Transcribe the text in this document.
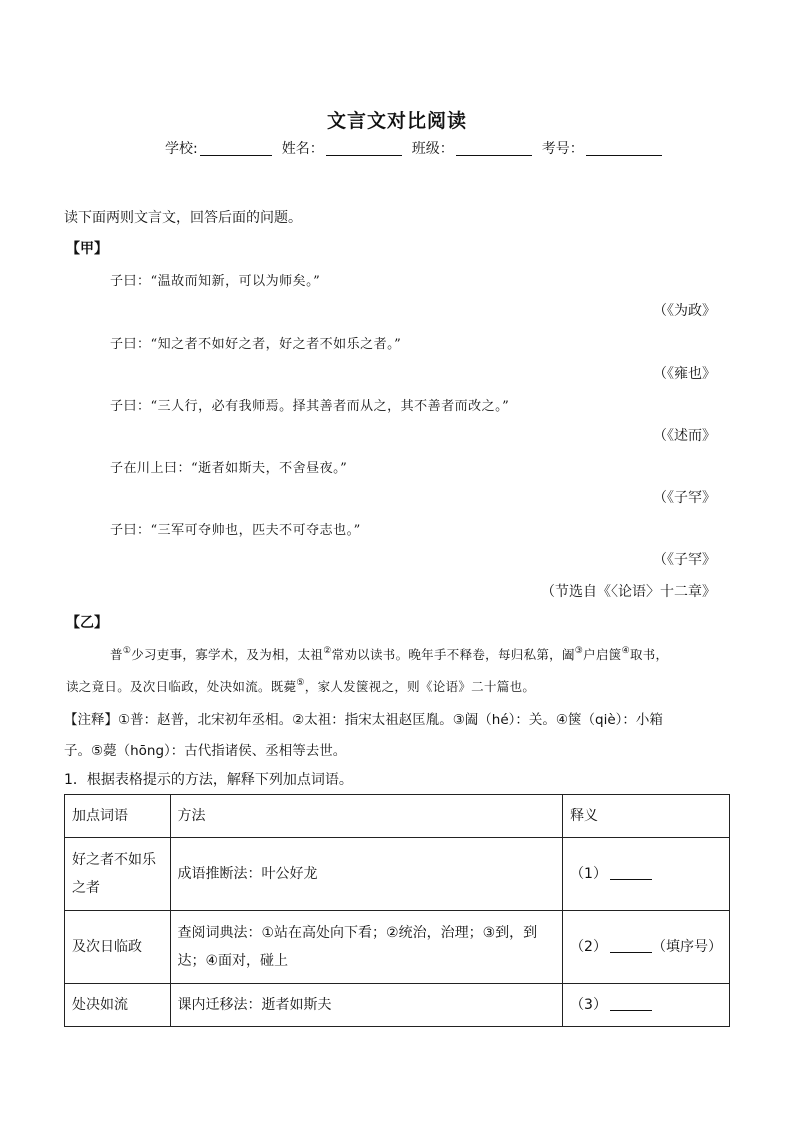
文言文对比阅读
学校:	姓名：	班级：	考号：
读下面两则文言文，回答后面的问题。
【甲】
子曰：“温故而知新，可以为师矣。”
（《为政》
子曰：“知之者不如好之者，好之者不如乐之者。”
（《雍也》
子曰：“三人行，必有我师焉。择其善者而从之，其不善者而改之。”
（《述而》
子在川上曰：“逝者如斯夫，不舍昼夜。”
（《子罕》
子曰：“三军可夺帅也，匹夫不可夺志也。”
（《子罕》
（节选自《〈论语〉十二章》
【乙】
普①少习吏事，寡学术，及为相，太祖②常劝以读书。晚年手不释卷，每归私第，阖③户启箧④取书，
读之竟日。及次日临政，处决如流。既薨⑤，家人发箧视之，则《论语》二十篇也。
【注释】①普：赵普，北宋初年丞相。②太祖：指宋太祖赵匡胤。③阖（hé）：关。④箧（qiè）：小箱
子。⑤薨（hōng）：古代指诸侯、丞相等去世。
1．根据表格提示的方法，解释下列加点词语。
加点词语	方法	释义
好之者不如乐之者	成语推断法：叶公好龙	（1）
及次日临政	查阅词典法：①站在高处向下看；②统治，治理；③到，到达；④面对，碰上	（2） （填序号）
处决如流	课内迁移法：逝者如斯夫	（3）
